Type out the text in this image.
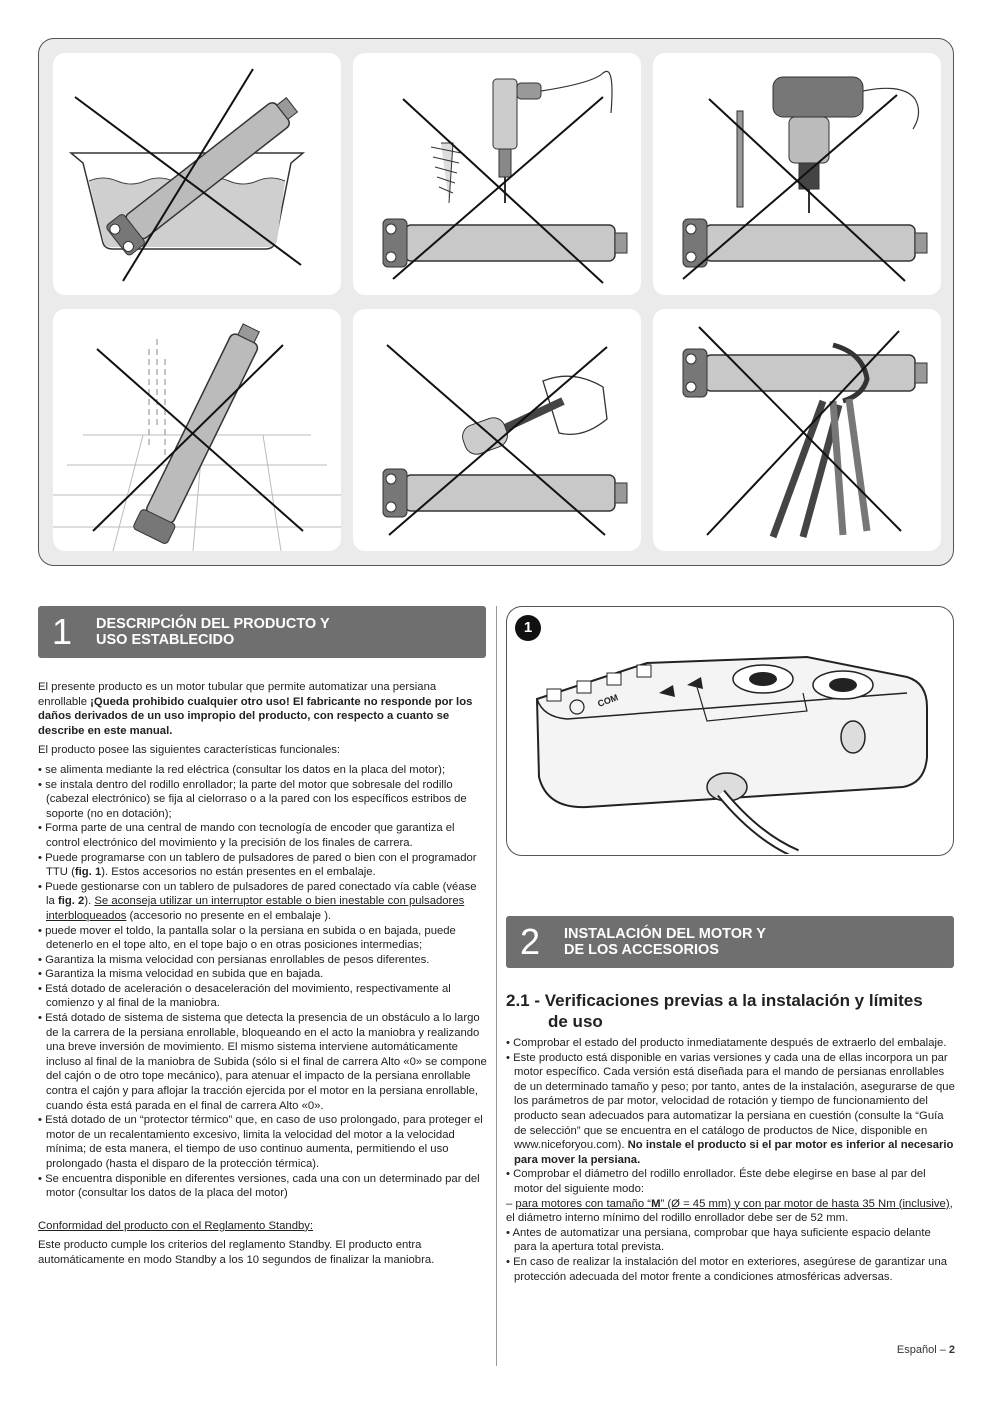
1 DESCRIPCIÓN DEL PRODUCTO Y
USO ESTABLECIDO

El presente producto es un motor tubular que permite automatizar una persiana enrollable ¡Queda prohibido cualquier otro uso! El fabricante no responde por los daños derivados de un uso impropio del producto, con respecto a cuanto se describe en este manual.

El producto posee las siguientes características funcionales:

• se alimenta mediante la red eléctrica (consultar los datos en la placa del motor);
• se instala dentro del rodillo enrollador; la parte del motor que sobresale del rodillo (cabezal electrónico) se fija al cielorraso o a la pared con los específicos estribos de soporte (no en dotación);
• Forma parte de una central de mando con tecnología de encoder que garantiza el control electrónico del movimiento y la precisión de los finales de carrera.
• Puede programarse con un tablero de pulsadores de pared o bien con el programador TTU (fig. 1). Estos accesorios no están presentes en el embalaje.
• Puede gestionarse con un tablero de pulsadores de pared conectado vía cable (véase la fig. 2). Se aconseja utilizar un interruptor estable o bien inestable con pulsadores interbloqueados (accesorio no presente en el embalaje ).
• puede mover el toldo, la pantalla solar o la persiana en subida o en bajada, puede detenerlo en el tope alto, en el tope bajo o en otras posiciones intermedias;
• Garantiza la misma velocidad con persianas enrollables de pesos diferentes.
• Garantiza la misma velocidad en subida que en bajada.
• Está dotado de aceleración o desaceleración del movimiento, respectivamente al comienzo y al final de la maniobra.
• Está dotado de sistema de sistema que detecta la presencia de un obstáculo a lo largo de la carrera de la persiana enrollable, bloqueando en el acto la maniobra y realizando una breve inversión de movimiento. El mismo sistema interviene automáticamente incluso al final de la maniobra de Subida (sólo si el final de carrera Alto «0» se compone del cajón o de otro tope mecánico), para atenuar el impacto de la persiana enrollable contra el cajón y para aflojar la tracción ejercida por el motor en la persiana enrollable, cuando ésta está parada en el final de carrera Alto «0».
• Está dotado de un “protector térmico” que, en caso de uso prolongado, para proteger el motor de un recalentamiento excesivo, limita la velocidad del motor a la velocidad mínima; de esta manera, el tiempo de uso continuo aumenta, permitiendo el uso prolongado (hasta el disparo de la protección térmica).
• Se encuentra disponible en diferentes versiones, cada una con un determinado par del motor (consultar los datos de la placa del motor)

Conformidad del producto con el Reglamento Standby:

Este producto cumple los criterios del reglamento Standby. El producto entra automáticamente en modo Standby a los 10 segundos de finalizar la maniobra.

COM
1
2 INSTALACIÓN DEL MOTOR Y
DE LOS ACCESORIOS
2.1 - Verificaciones previas a la instalación y límites
de uso
• Comprobar el estado del producto inmediatamente después de extraerlo del embalaje.
• Este producto está disponible en varias versiones y cada una de ellas incorpora un par motor específico. Cada versión está diseñada para el mando de persianas enrollables de un determinado tamaño y peso; por tanto, antes de la instalación, asegurarse de que los parámetros de par motor, velocidad de rotación y tiempo de funcionamiento del producto sean adecuados para automatizar la persiana en cuestión (consulte la “Guía de selección” que se encuentra en el catálogo de productos de Nice, disponible en www.niceforyou.com). No instale el producto si el par motor es inferior al necesario para mover la persiana.
• Comprobar el diámetro del rodillo enrollador. Éste debe elegirse en base al par del motor del siguiente modo:
– para motores con tamaño “M” (Ø = 45 mm) y con par motor de hasta 35 Nm (inclusive), el diámetro interno mínimo del rodillo enrollador debe ser de 52 mm.
• Antes de automatizar una persiana, comprobar que haya suficiente espacio delante para la apertura total prevista.
• En caso de realizar la instalación del motor en exteriores, asegúrese de garantizar una protección adecuada del motor frente a condiciones atmosféricas adversas.
Español – 2
